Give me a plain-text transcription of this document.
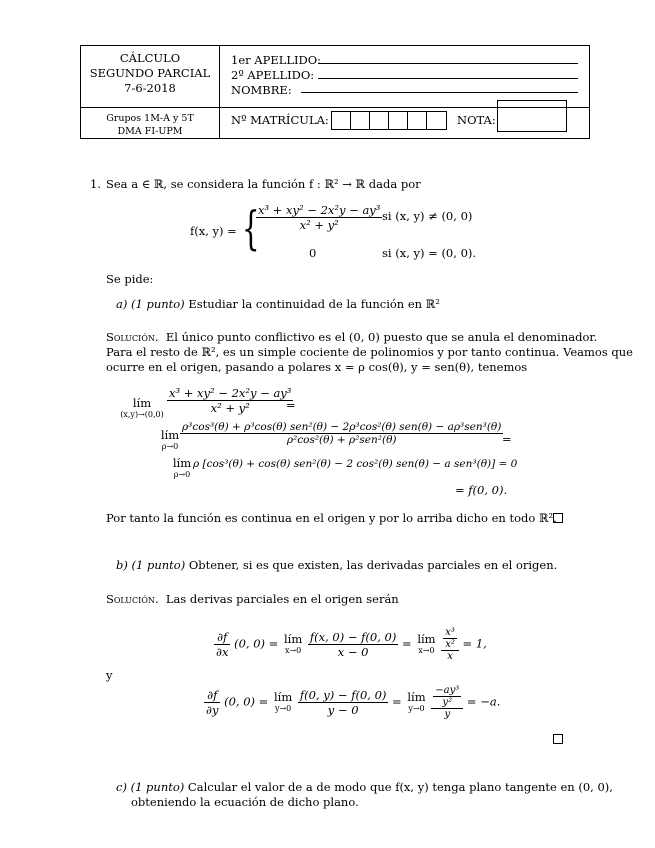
CÁLCULO
SEGUNDO PARCIAL
7-6-2018
Grupos 1M-A y 5T
DMA FI-UPM
1er APELLIDO:
2º APELLIDO:
NOMBRE:
Nº MATRÍCULA:	NOTA:
1. Sea a ∈ ℝ, se considera la función f : ℝ² → ℝ dada por
f(x, y) = {
$\frac{\text{x³ + xy² − 2x²y − ay³}}{\text{x² + y²}}$ si (x, y) ≠ (0, 0)
0	si (x, y) = (0, 0).
Se pide:
a) (1 punto) Estudiar la continuidad de la función en ℝ²
Solución. El único punto conflictivo es el (0, 0) puesto que se anula el denominador.
Para el resto de ℝ², es un simple cociente de polinomios y por tanto continua. Veamos que
ocurre en el origen, pasando a polares x = ρ cos(θ), y = sen(θ), tenemos
lím
$(x,y)\to(0,0) \frac{\text{x³ + xy² − 2x²y − ay³}}{\text{x² + y²}}$
=
lím
ρ→0
ρ³cos³(θ) + ρ³cos(θ) sen²(θ) − 2ρ³cos²(θ) sen(θ) − aρ³sen³(θ)
ρ²cos²(θ) + ρ²sen²(θ)	=
lím
ρ→0
ρ [cos³(θ) + cos(θ) sen²(θ) − 2 cos²(θ) sen(θ) − a sen³(θ)] = 0
= f(0, 0).
Por tanto la función es continua en el origen y por lo arriba dicho en todo ℝ².
b) (1 punto) Obtener, si es que existen, las derivadas parciales en el origen.
Solución. Las derivas parciales en el origen serán
$\frac{\partial f}{\partial x} (0$, 0) = lím
x→0
$\frac{f(x, 0) - f(0, 0)}{x - 0}$ = lím
x→0
$\frac{\frac{\text{x³}}{\text{x²}}}{x} = 1$,
y
$\frac{\partial f}{\partial y} (0$, 0) = lím
y→0
$\frac{f(0, y) - f(0, 0)}{y - 0}$ = lím
y→0
$\frac{\frac{\text{−ay³}}{\text{y²}}}{y} = -a$.
c) (1 punto) Calcular el valor de a de modo que f(x, y) tenga plano tangente en (0, 0),
obteniendo la ecuación de dicho plano.
